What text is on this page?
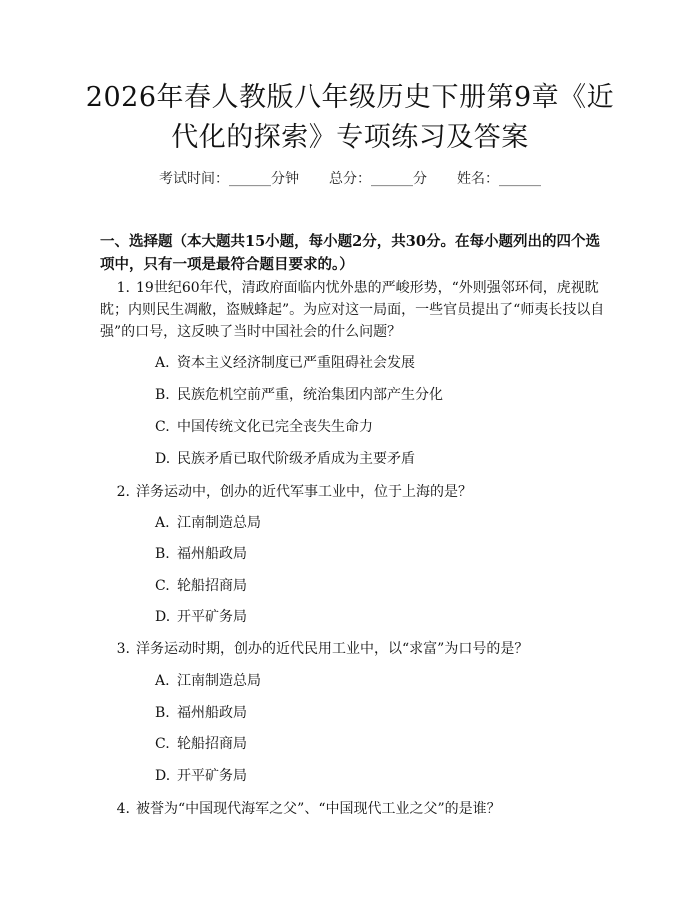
2026年春人教版八年级历史下册第9章《近
代化的探索》专项练习及答案
考试时间：______分钟 总分：______分 姓名：______
一、选择题（本大题共15小题，每小题2分，共30分。在每小题列出的四个选项中，只有一项是最符合题目要求的。）
1. 19世纪60年代，清政府面临内忧外患的严峻形势，“外则强邻环伺，虎视眈眈；内则民生凋敝，盗贼蜂起”。为应对这一局面，一些官员提出了“师夷长技以自强”的口号，这反映了当时中国社会的什么问题？
A. 资本主义经济制度已严重阻碍社会发展
B. 民族危机空前严重，统治集团内部产生分化
C. 中国传统文化已完全丧失生命力
D. 民族矛盾已取代阶级矛盾成为主要矛盾
2. 洋务运动中，创办的近代军事工业中，位于上海的是？
A. 江南制造总局
B. 福州船政局
C. 轮船招商局
D. 开平矿务局
3. 洋务运动时期，创办的近代民用工业中，以“求富”为口号的是？
A. 江南制造总局
B. 福州船政局
C. 轮船招商局
D. 开平矿务局
4. 被誉为“中国现代海军之父”、“中国现代工业之父”的是谁？
